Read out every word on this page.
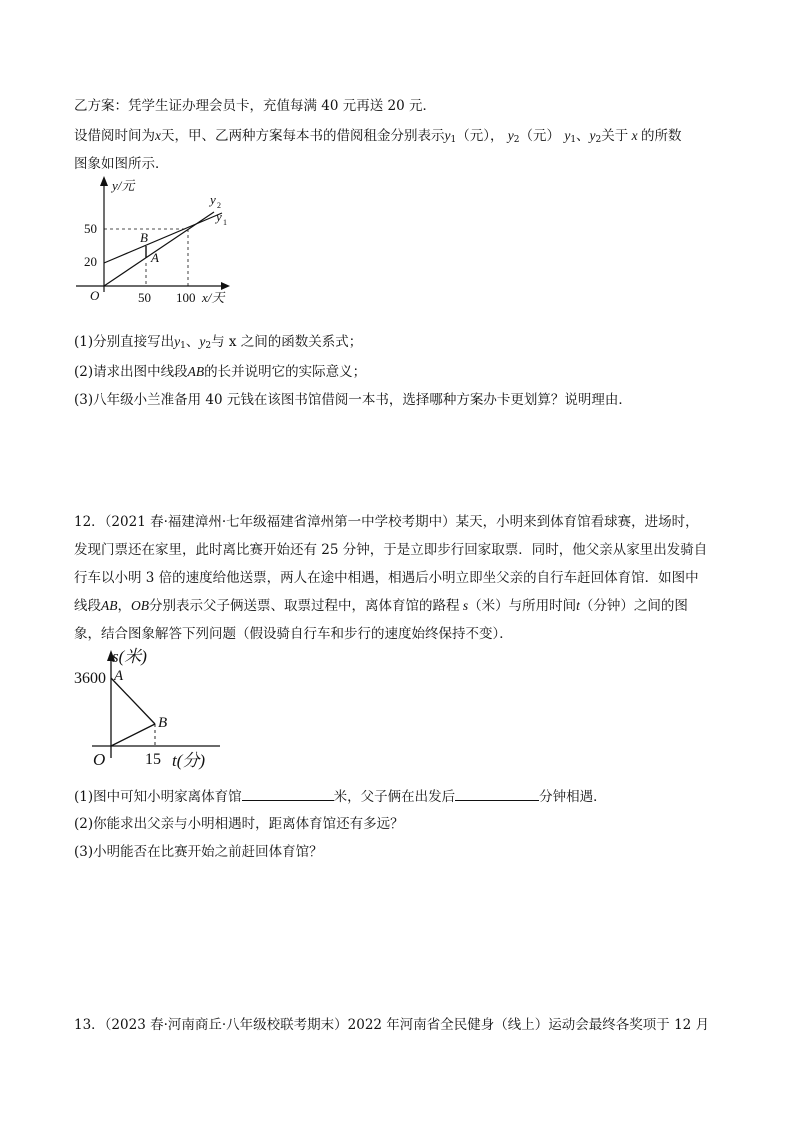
乙方案：凭学生证办理会员卡，充值每满 40 元再送 20 元．
设借阅时间为x天，甲、乙两种方案每本书的借阅租金分别表示$y_1$（元）， $y_2$（元） $y_1$、$y_2$关于 x 的所数
图象如图所示．
y/元
x/天
O
50
20
50 100
B
A
y 2
y 1
(1)分别直接写出$y_1$、$y_2$与 x 之间的函数关系式；
(2)请求出图中线段AB的长并说明它的实际意义；
(3)八年级小兰准备用 40 元钱在该图书馆借阅一本书，选择哪种方案办卡更划算？说明理由．
12．（2021 春·福建漳州·七年级福建省漳州第一中学校考期中）某天，小明来到体育馆看球赛，进场时，
发现门票还在家里，此时离比赛开始还有 25 分钟，于是立即步行回家取票．同时，他父亲从家里出发骑自
行车以小明 3 倍的速度给他送票，两人在途中相遇，相遇后小明立即坐父亲的自行车赶回体育馆．如图中
线段AB，OB分别表示父子俩送票、取票过程中，离体育馆的路程 s（米）与所用时间t（分钟）之间的图
象，结合图象解答下列问题（假设骑自行车和步行的速度始终保持不变）．
s(米)
t(分)
O
3600
15
A
B
(1)图中可知小明家离体育馆	米，父子俩在出发后	分钟相遇．
(2)你能求出父亲与小明相遇时，距离体育馆还有多远？
(3)小明能否在比赛开始之前赶回体育馆？
13．（2023 春·河南商丘·八年级校联考期末）2022 年河南省全民健身（线上）运动会最终各奖项于 12 月
